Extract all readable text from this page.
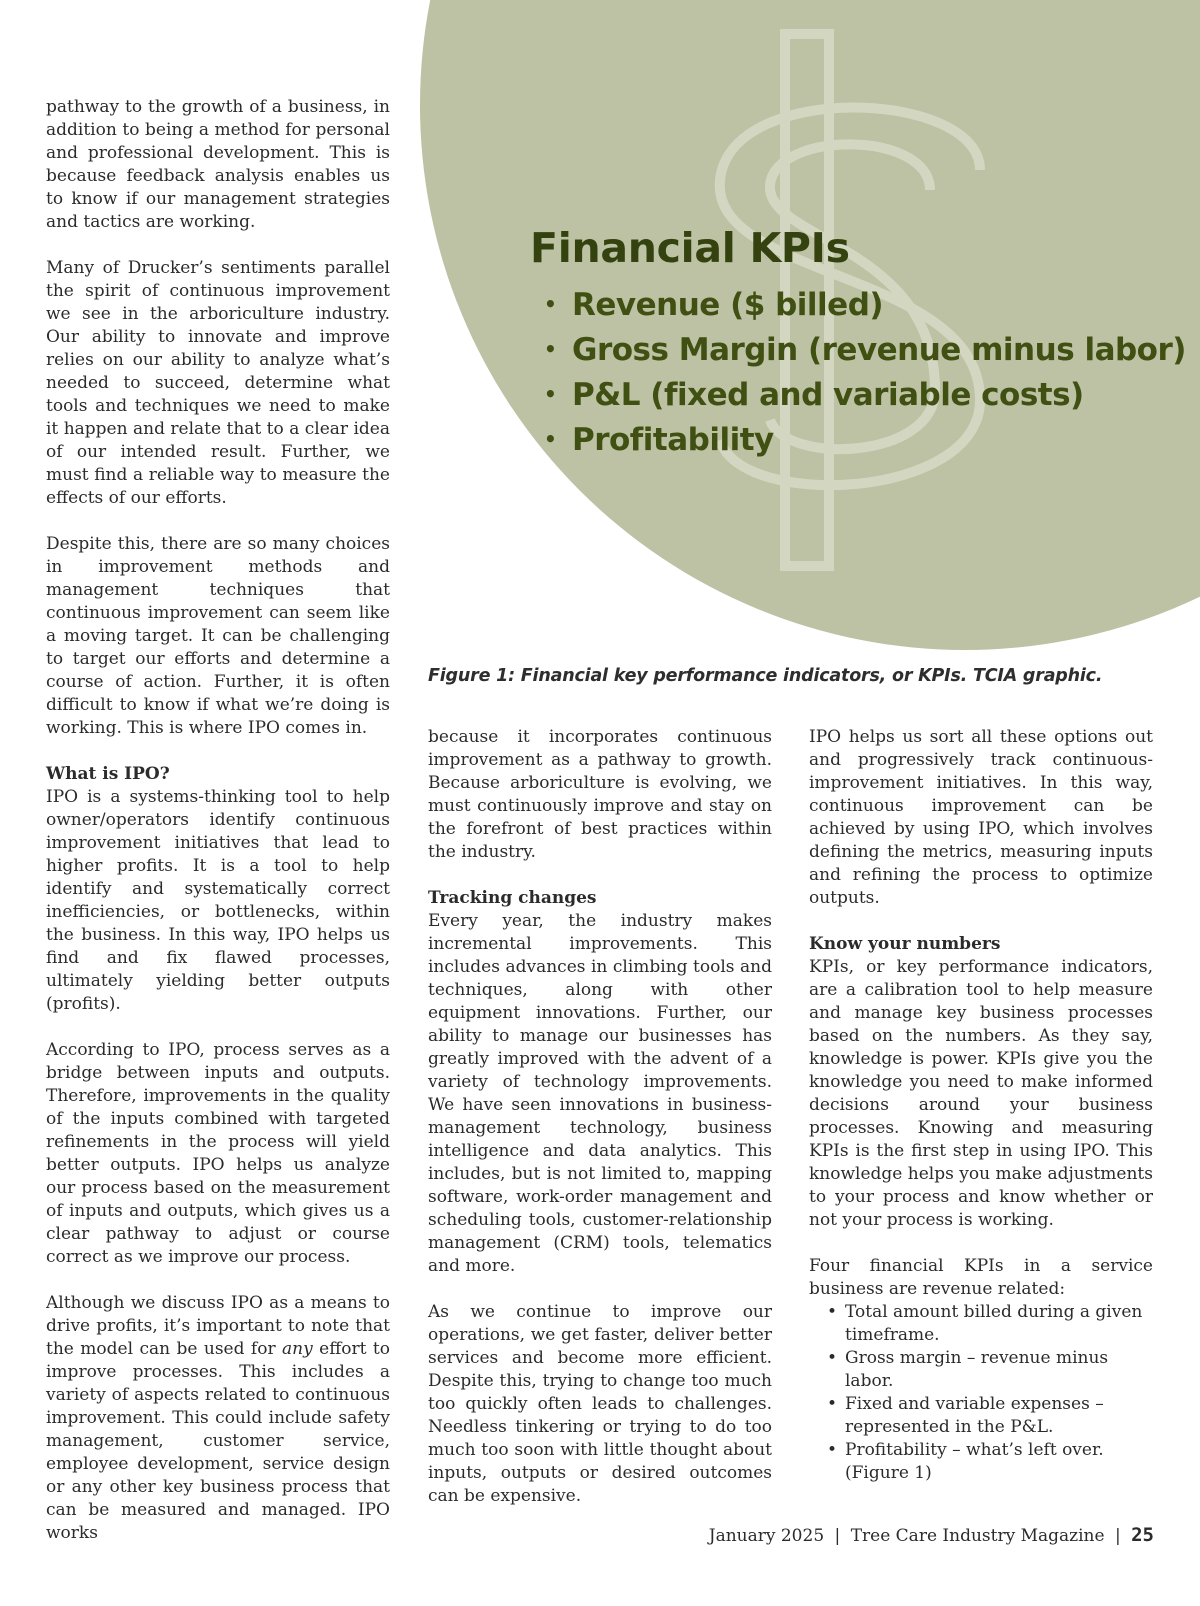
Financial KPIs
• Revenue ($ billed)
• Gross Margin (revenue minus labor)
• P&L (fixed and variable costs)
• Profitability
Figure 1: Financial key performance indicators, or KPIs. TCIA graphic.

pathway to the growth of a business, in addition to being a method for personal and professional development. This is because feedback analysis enables us to know if our management strategies and tactics are working.

Many of Drucker’s sentiments parallel the spirit of continuous improvement we see in the arboriculture industry. Our ability to innovate and improve relies on our ability to analyze what’s needed to succeed, determine what tools and techniques we need to make it happen and relate that to a clear idea of our intended result. Further, we must find a reliable way to measure the effects of our efforts.

Despite this, there are so many choices in improvement methods and management techniques that continuous improvement can seem like a moving target. It can be challenging to target our efforts and determine a course of action. Further, it is often difficult to know if what we’re doing is working. This is where IPO comes in.

What is IPO?

IPO is a systems-thinking tool to help owner/operators identify continuous improvement initiatives that lead to higher profits. It is a tool to help identify and systematically correct inefficiencies, or bottlenecks, within the business. In this way, IPO helps us find and fix flawed processes, ultimately yielding better outputs (profits).

According to IPO, process serves as a bridge between inputs and outputs. Therefore, improvements in the quality of the inputs combined with targeted refinements in the process will yield better outputs. IPO helps us analyze our process based on the measurement of inputs and outputs, which gives us a clear pathway to adjust or course correct as we improve our process.

Although we discuss IPO as a means to drive profits, it’s important to note that the model can be used for any effort to improve processes. This includes a variety of aspects related to continuous improvement. This could include safety management, customer service, employee development, service design or any other key business process that can be measured and managed. IPO works

because it incorporates continuous improvement as a pathway to growth. Because arboriculture is evolving, we must continuously improve and stay on the forefront of best practices within the industry.

Tracking changes

Every year, the industry makes incremental improvements. This includes advances in climbing tools and techniques, along with other equipment innovations. Further, our ability to manage our businesses has greatly improved with the advent of a variety of technology improvements. We have seen innovations in business-management technology, business intelligence and data analytics. This includes, but is not limited to, mapping software, work-order management and scheduling tools, customer-relationship management (CRM) tools, telematics and more.

As we continue to improve our operations, we get faster, deliver better services and become more efficient. Despite this, trying to change too much too quickly often leads to challenges. Needless tinkering or trying to do too much too soon with little thought about inputs, outputs or desired outcomes can be expensive.

IPO helps us sort all these options out and progressively track continuous-improvement initiatives. In this way, continuous improvement can be achieved by using IPO, which involves defining the metrics, measuring inputs and refining the process to optimize outputs.

Know your numbers

KPIs, or key performance indicators, are a calibration tool to help measure and manage key business processes based on the numbers. As they say, knowledge is power. KPIs give you the knowledge you need to make informed decisions around your business processes. Knowing and measuring KPIs is the first step in using IPO. This knowledge helps you make adjustments to your process and know whether or not your process is working.

Four financial KPIs in a service business are revenue related:

• Total amount billed during a given timeframe.
• Gross margin – revenue minus labor.
• Fixed and variable expenses – represented in the P&L.
• Profitability – what’s left over. (Figure 1)
January 2025 | Tree Care Industry Magazine | 25
